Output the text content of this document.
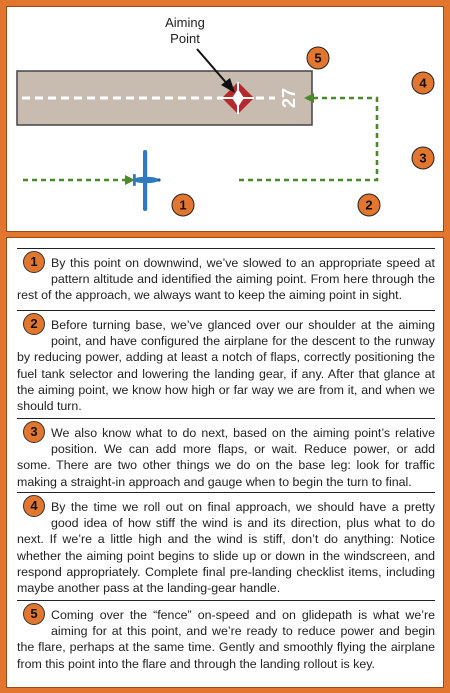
27
Aiming
Point
1	2
3
4
5
1	By this point on downwind, we’ve slowed to an appropriate speed at pattern altitude and identified the aiming point. From here through the rest of the approach, we always want to keep the aiming point in sight.

2	Before turning base, we’ve glanced over our shoulder at the aiming point, and have configured the airplane for the descent to the runway by reducing power, adding at least a notch of flaps, correctly positioning the fuel tank selector and lowering the landing gear, if any. After that glance at the aiming point, we know how high or far way we are from it, and when we should turn.

3	We also know what to do next, based on the aiming point’s relative position. We can add more flaps, or wait. Reduce power, or add some. There are two other things we do on the base leg: look for traffic making a straight-in approach and gauge when to begin the turn to final.

4	By the time we roll out on final approach, we should have a pretty good idea of how stiff the wind is and its direction, plus what to do next. If we’re a little high and the wind is stiff, don’t do anything: Notice whether the aiming point begins to slide up or down in the windscreen, and respond appropriately. Complete final pre-landing checklist items, including maybe another pass at the landing-gear handle.

5	Coming over the “fence” on-speed and on glidepath is what we’re aiming for at this point, and we’re ready to reduce power and begin the flare, perhaps at the same time. Gently and smoothly flying the airplane from this point into the flare and through the landing rollout is key.
